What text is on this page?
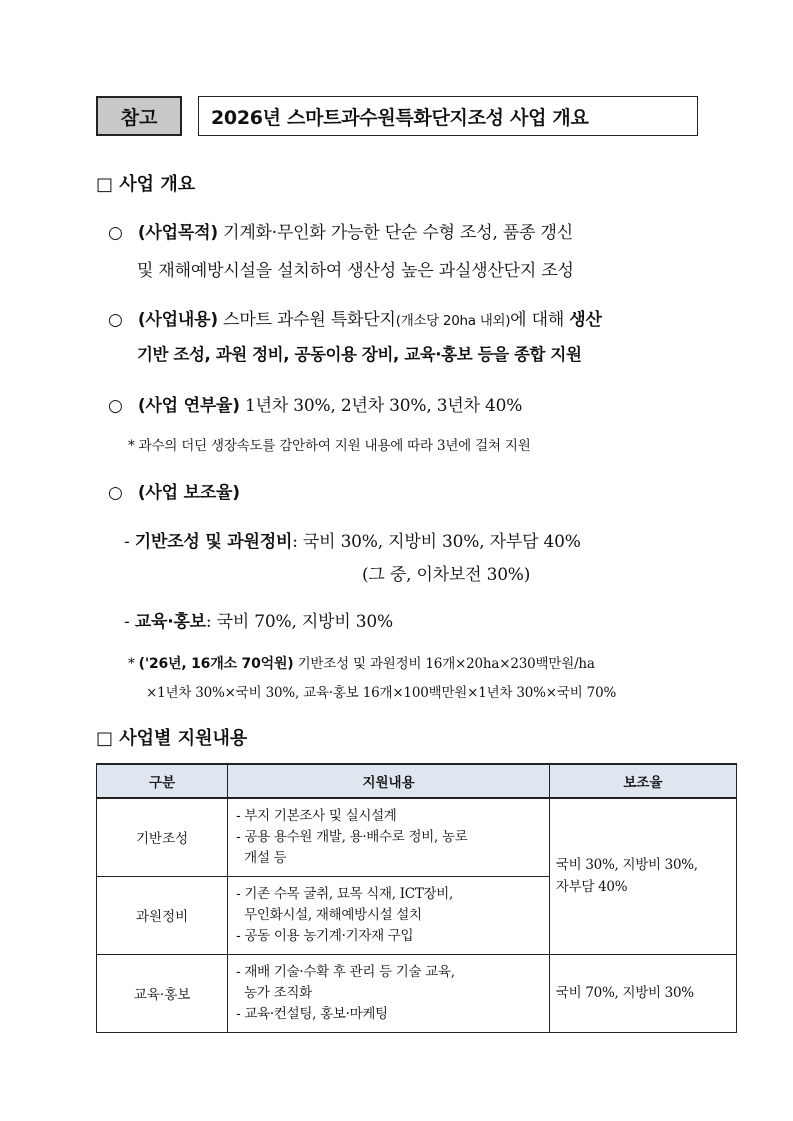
참고	2026년 스마트과수원특화단지조성 사업 개요
□ 사업 개요
○ (사업목적) 기계화·무인화 가능한 단순 수형 조성, 품종 갱신
및 재해예방시설을 설치하여 생산성 높은 과실생산단지 조성
○ (사업내용) 스마트 과수원 특화단지(개소당 20ha 내외)에 대해 생산
기반 조성, 과원 정비, 공동이용 장비, 교육·홍보 등을 종합 지원
○ (사업 연부율) 1년차 30%, 2년차 30%, 3년차 40%
* 과수의 더딘 생장속도를 감안하여 지원 내용에 따라 3년에 걸쳐 지원
○ (사업 보조율)
- 기반조성 및 과원정비: 국비 30%, 지방비 30%, 자부담 40%
(그 중, 이차보전 30%)
- 교육·홍보: 국비 70%, 지방비 30%
* ('26년, 16개소 70억원) 기반조성 및 과원정비 16개×20ha×230백만원/ha
×1년차 30%×국비 30%, 교육·홍보 16개×100백만원×1년차 30%×국비 70%
□ 사업별 지원내용
구분	지원내용	보조율
기반조성	- 부지 기본조사 및 실시설계
- 공용 용수원 개발, 용·배수로 정비, 농로
개설 등	국비 30%, 지방비 30%,
자부담 40%

과원정비	- 기존 수목 굴취, 묘목 식재, ICT장비,
무인화시설, 재해예방시설 설치
- 공동 이용 농기계·기자재 구입	

교육·홍보	- 재배 기술·수확 후 관리 등 기술 교육,
농가 조직화
- 교육·컨설팅, 홍보·마케팅	국비 70%, 지방비 30%
